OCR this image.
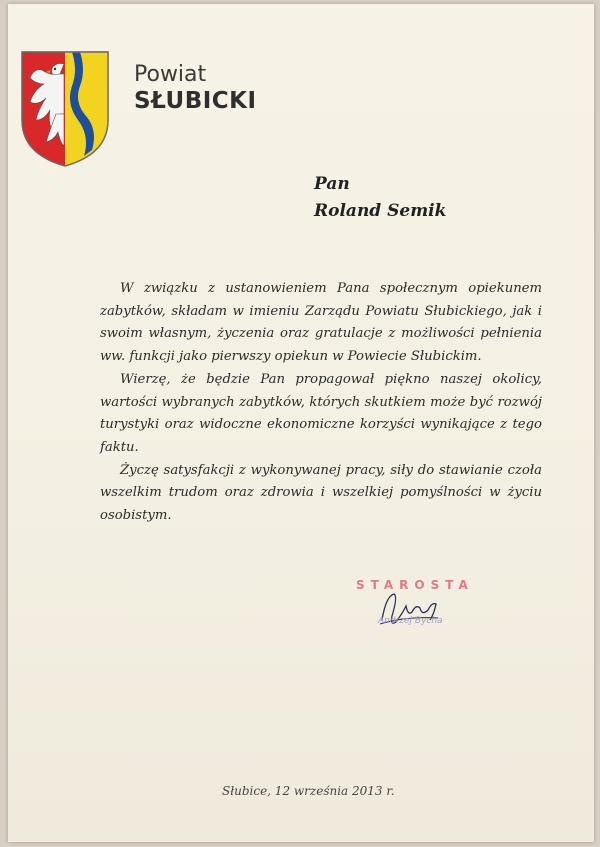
Powiat
SŁUBICKI
Pan
Roland Semik

W związku z ustanowieniem Pana społecznym opiekunem zabytków, składam w imieniu Zarządu Powiatu Słubickiego, jak i swoim własnym, życzenia oraz gratulacje z możliwości pełnienia ww. funkcji jako pierwszy opiekun w Powiecie Słubickim.

Wierzę, że będzie Pan propagował piękno naszej okolicy, wartości wybranych zabytków, których skutkiem może być rozwój turystyki oraz widoczne ekonomiczne korzyści wynikające z tego faktu.

Życzę satysfakcji z wykonywanej pracy, siły do stawianie czoła wszelkim trudom oraz zdrowia i wszelkiej pomyślności w życiu osobistym.

STAROSTA
Andrzej Bycha
Słubice, 12 września 2013 r.
